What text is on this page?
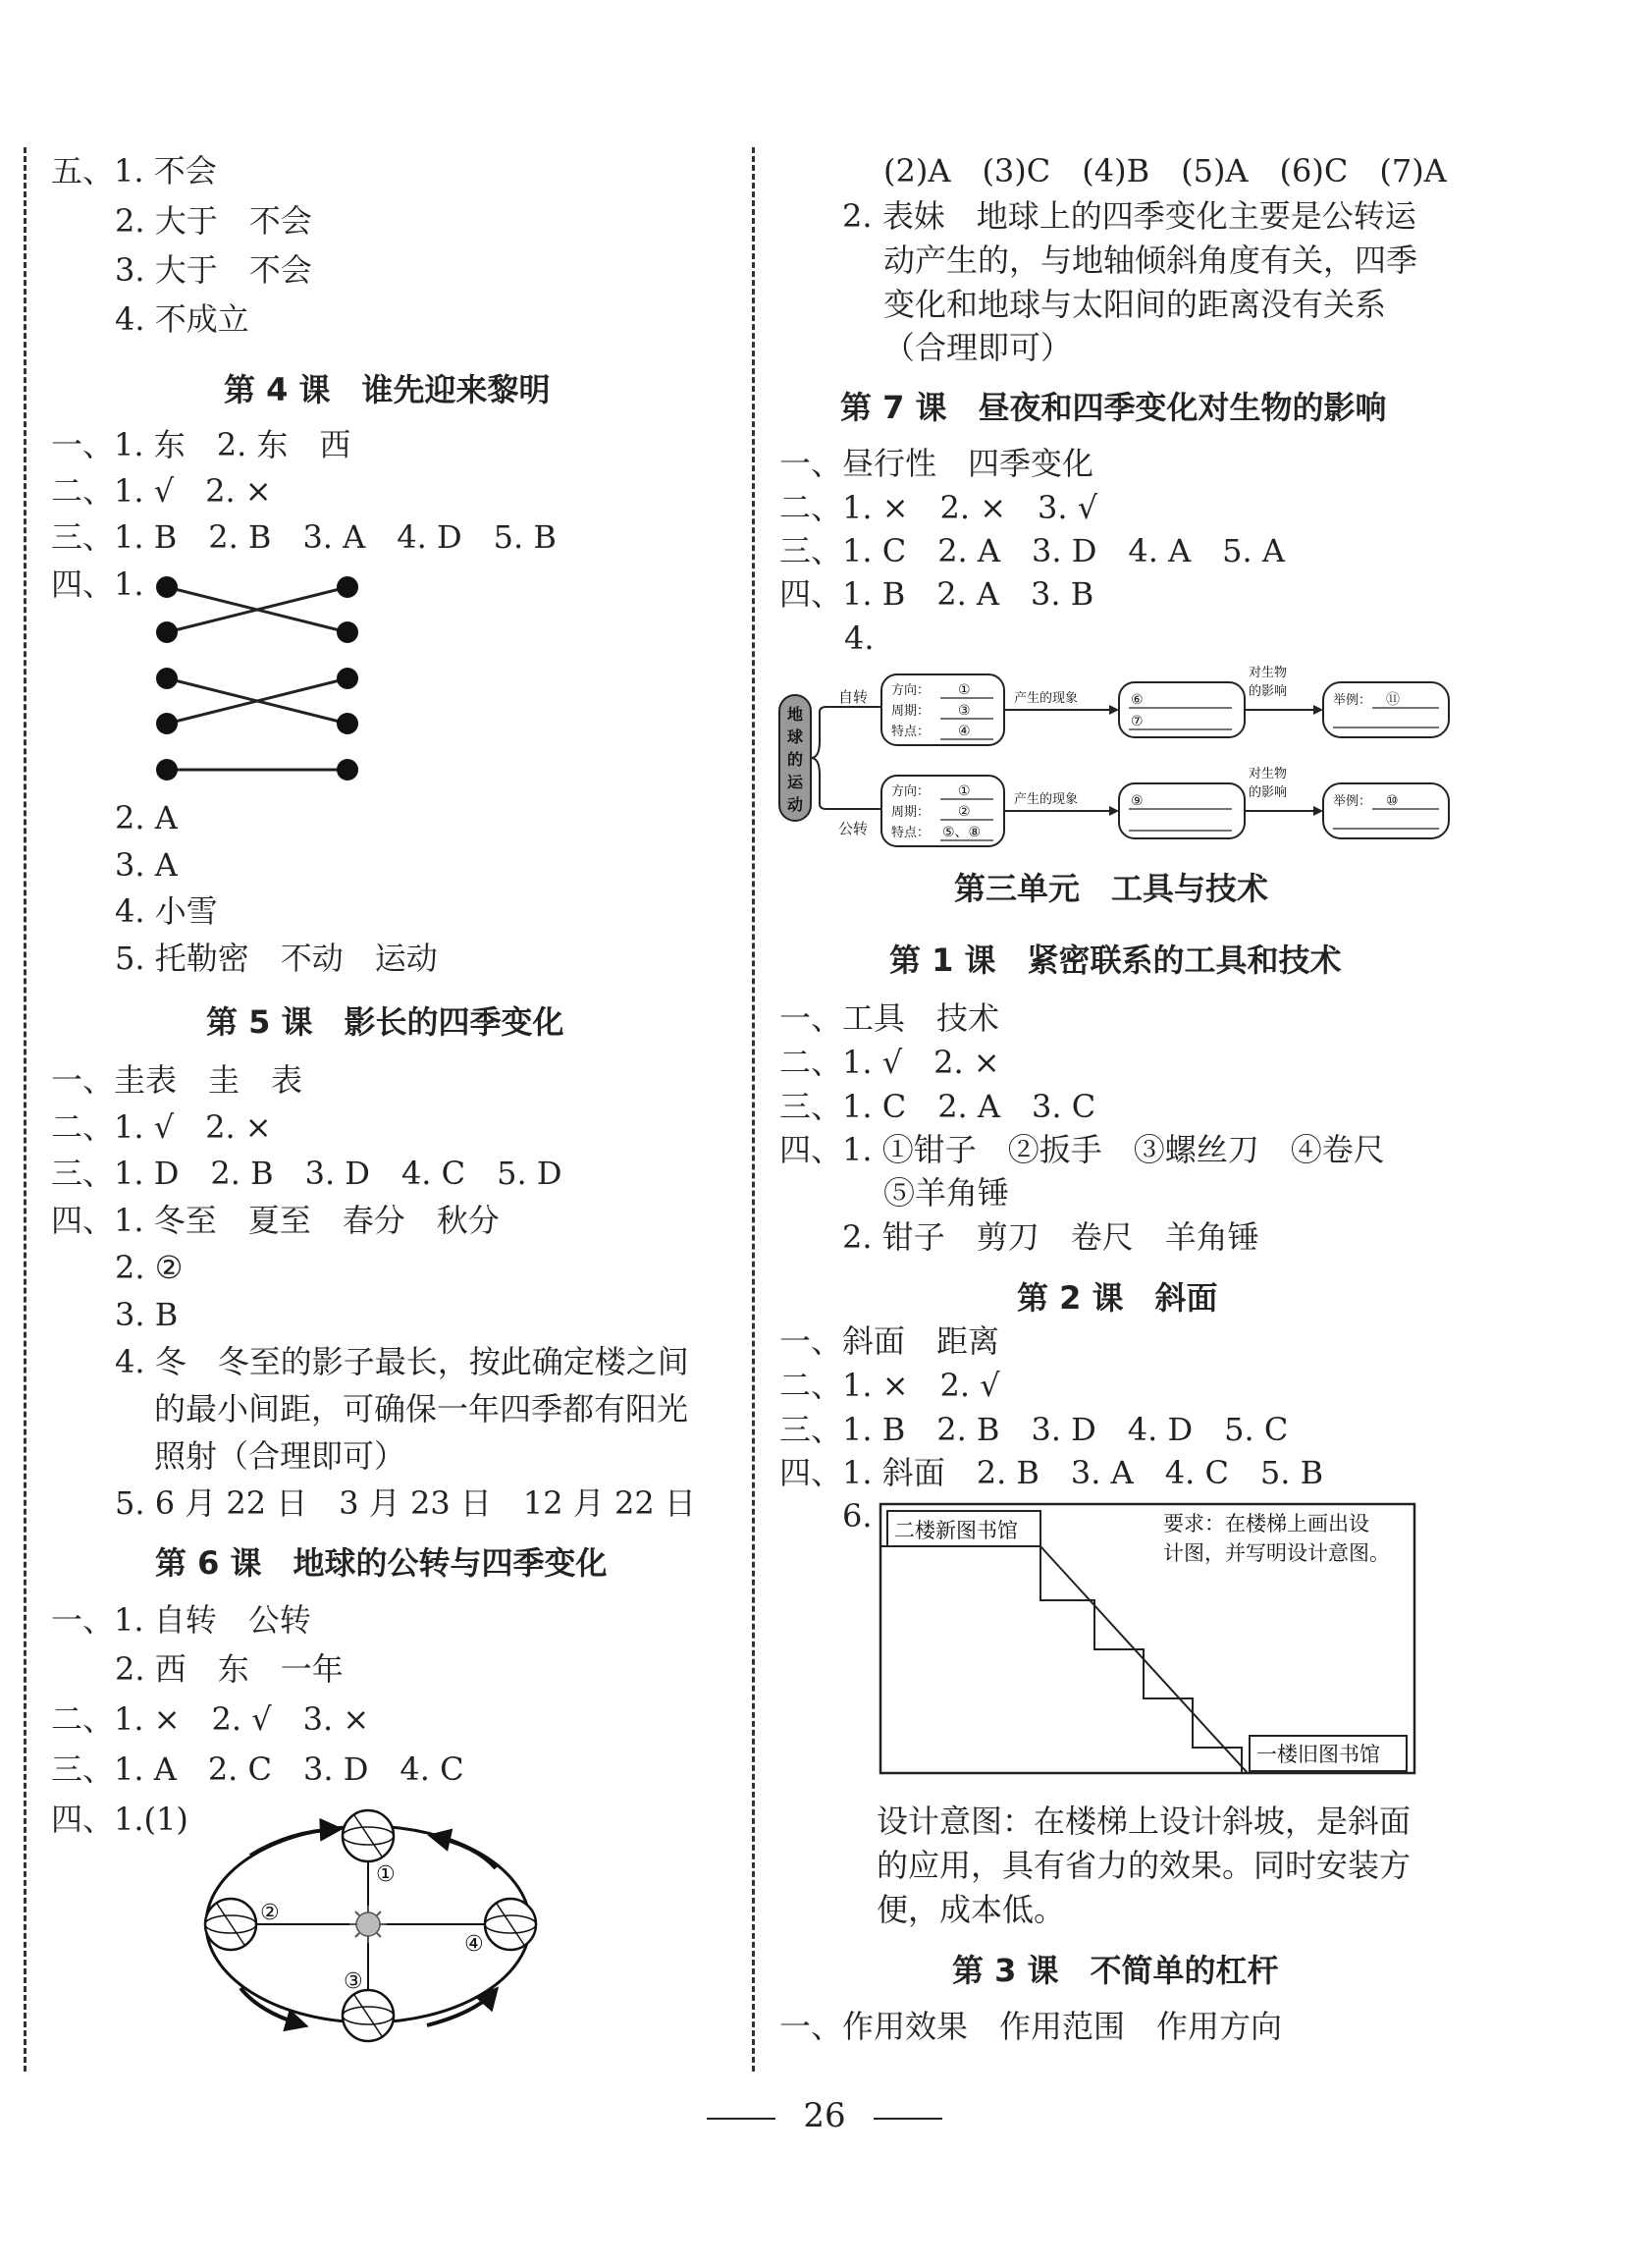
五、1. 不会
2. 大于　不会
3. 大于　不会
4. 不成立
第 4 课　谁先迎来黎明
一、1. 东　2. 东　西
二、1. √　2. ×
三、1. B　2. B　3. A　4. D　5. B
四、1.
2. A
3. A
4. 小雪
5. 托勒密　不动　运动
第 5 课　影长的四季变化
一、圭表　圭　表
二、1. √　2. ×
三、1. D　2. B　3. D　4. C　5. D
四、1. 冬至　夏至　春分　秋分
2. ②
3. B
4. 冬　冬至的影子最长，按此确定楼之间
的最小间距，可确保一年四季都有阳光
照射（合理即可）
5. 6 月 22 日　3 月 23 日　12 月 22 日
第 6 课　地球的公转与四季变化
一、1. 自转　公转
2. 西　东　一年
二、1. ×　2. √　3. ×
三、1. A　2. C　3. D　4. C
四、1.(1)
①
②
③
④
(2)A　(3)C　(4)B　(5)A　(6)C　(7)A
2. 表妹　地球上的四季变化主要是公转运
动产生的，与地轴倾斜角度有关，四季
变化和地球与太阳间的距离没有关系
（合理即可）
第 7 课　昼夜和四季变化对生物的影响
一、昼行性　四季变化
二、1. ×　2. ×　3. √
三、1. C　2. A　3. D　4. A　5. A
四、1. B　2. A　3. B
4.
地
球
的
运
动
自转
公转
方向：
周期：
特点：
①
③
④
方向：
周期：
特点：
①
②
⑤、⑧
产生的现象
产生的现象
⑥
⑦
⑨
对生物
的影响
对生物
的影响
举例： ⑪
举例： ⑩
第三单元　工具与技术
第 1 课　紧密联系的工具和技术
一、工具　技术
二、1. √　2. ×
三、1. C　2. A　3. C
四、1. ①钳子　②扳手　③螺丝刀　④卷尺
⑤羊角锤
2. 钳子　剪刀　卷尺　羊角锤
第 2 课　斜面
一、斜面　距离
二、1. ×　2. √
三、1. B　2. B　3. D　4. D　5. C
四、1. 斜面　2. B　3. A　4. C　5. B
6. 二楼新图书馆	要求：在楼梯上画出设
计图，并写明设计意图。
一楼旧图书馆
设计意图：在楼梯上设计斜坡，是斜面
的应用，具有省力的效果。同时安装方
便，成本低。
第 3 课　不简单的杠杆
一、作用效果　作用范围　作用方向
26
